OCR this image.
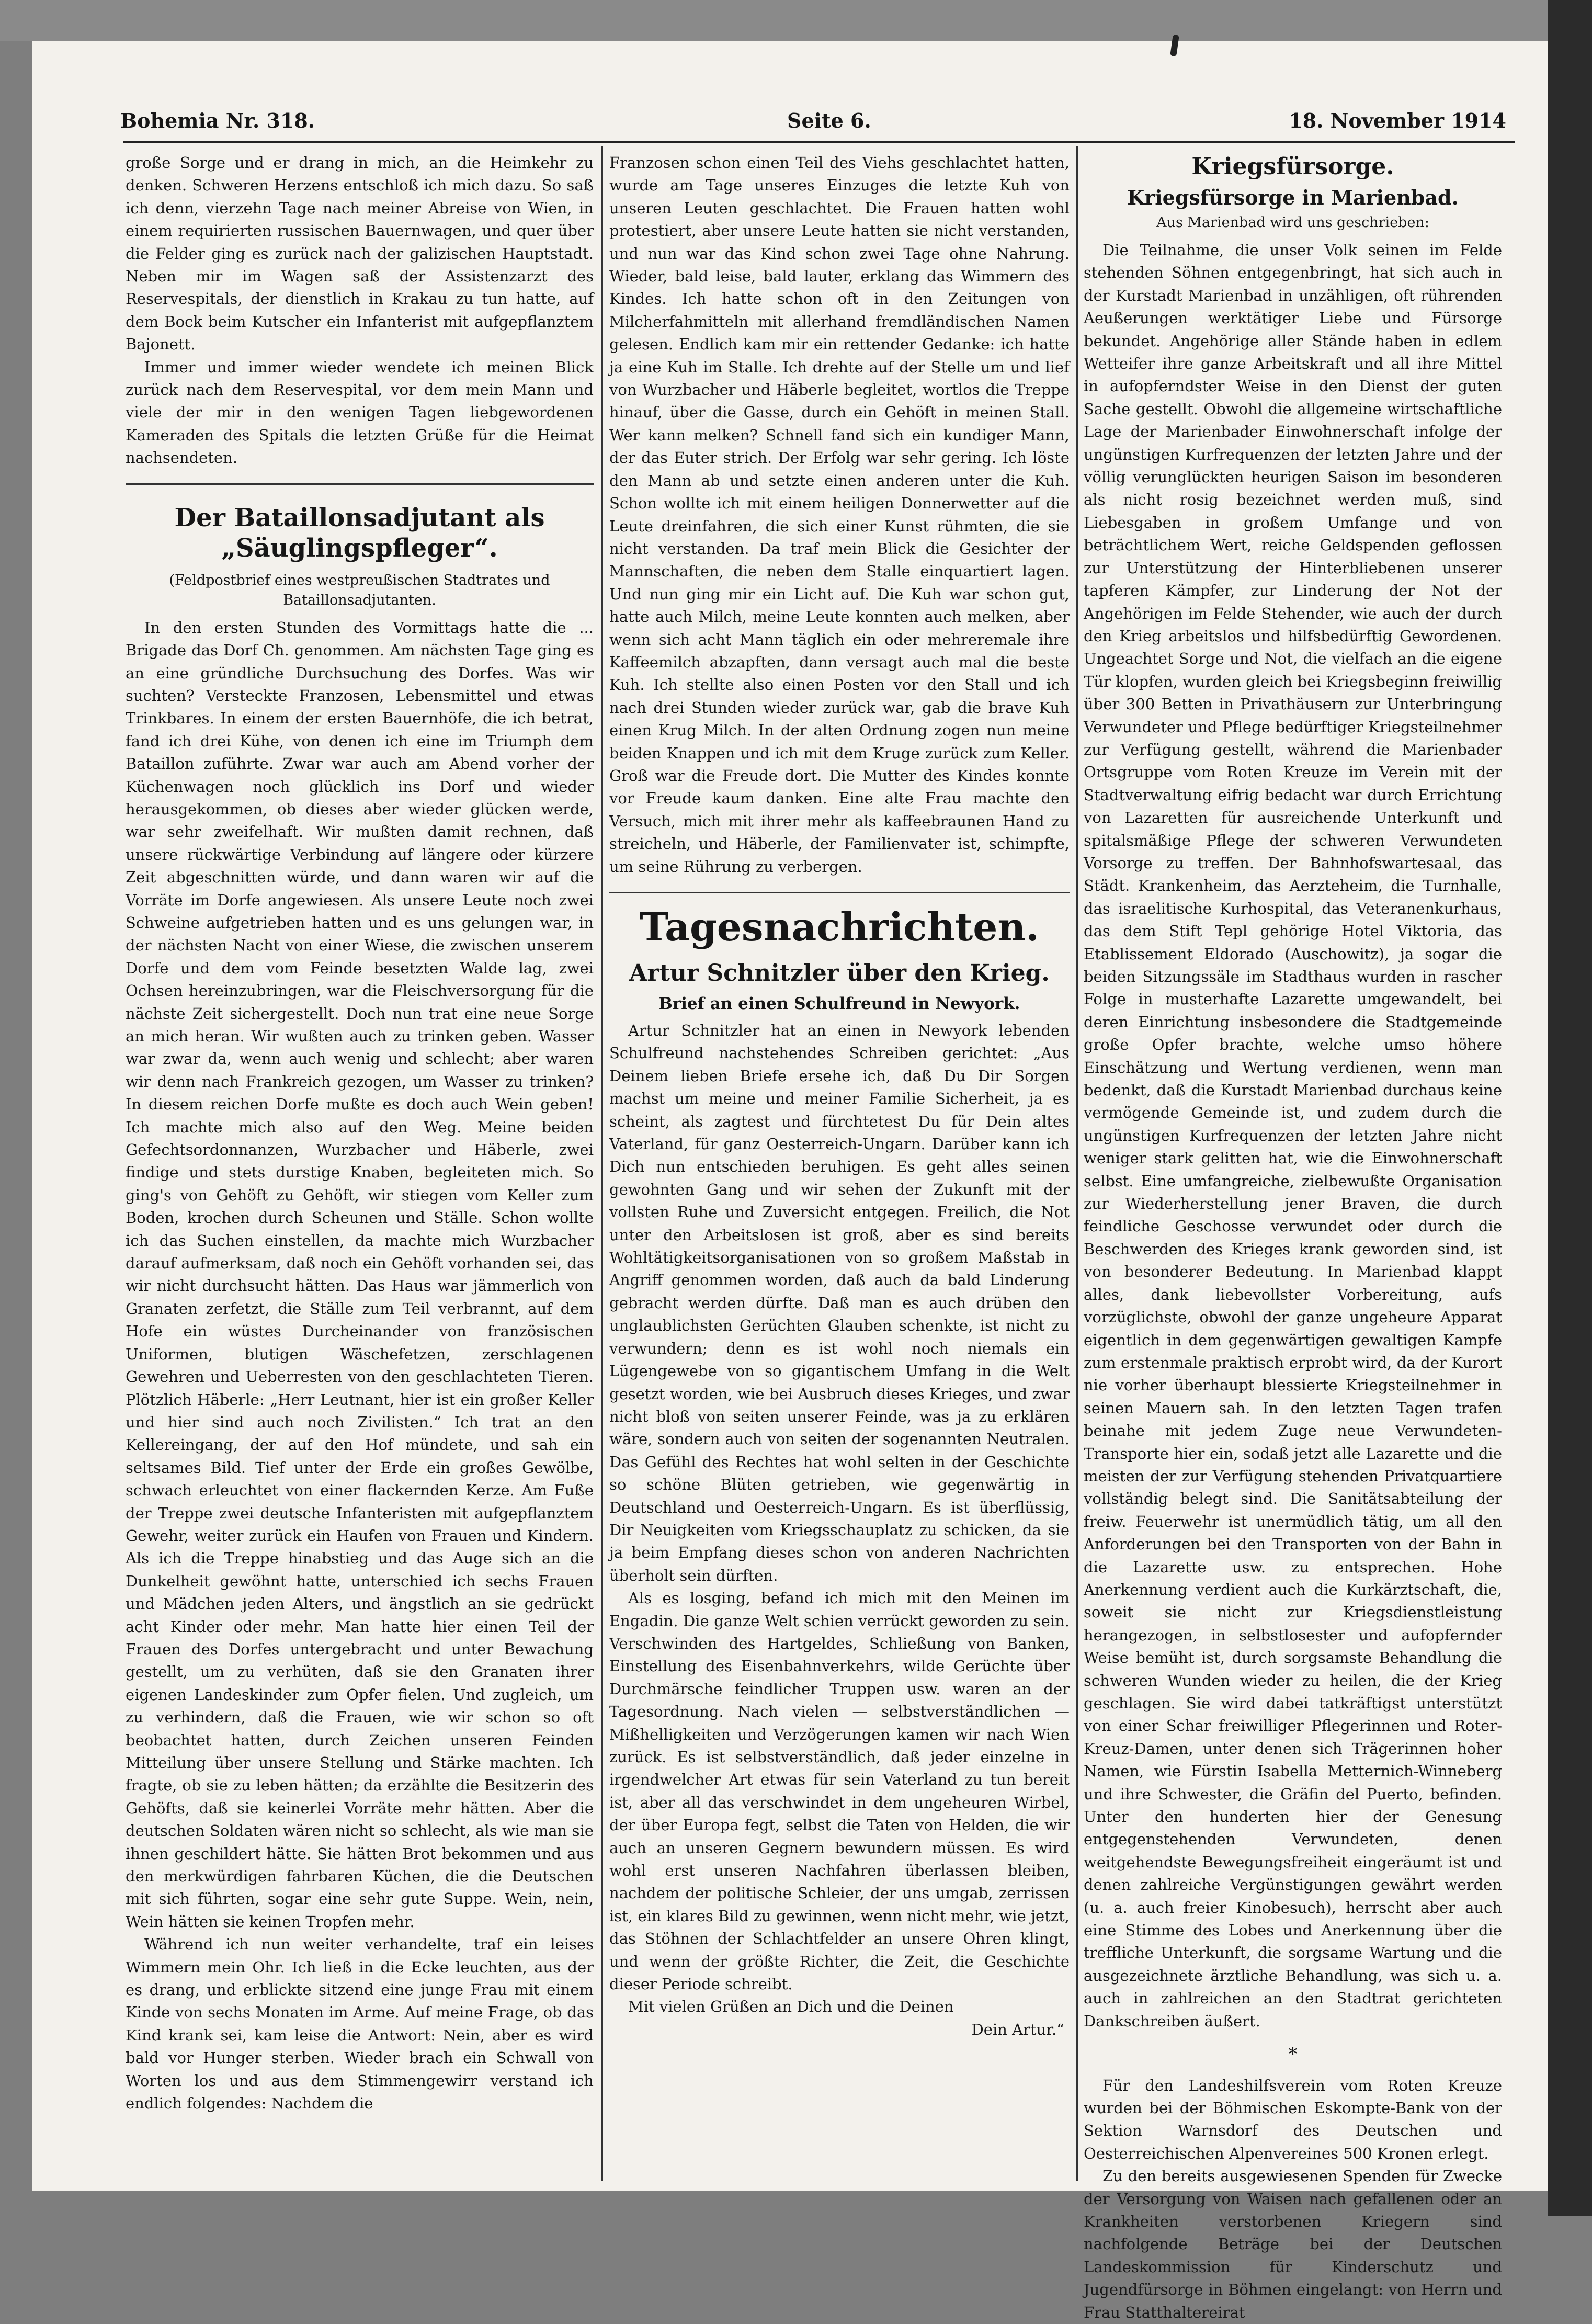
Bohemia Nr. 318.	Seite 6.	18. November 1914

große Sorge und er drang in mich, an die Heimkehr zu denken. Schweren Herzens entschloß ich mich dazu. So saß ich denn, vierzehn Tage nach meiner Abreise von Wien, in einem requirierten russischen Bauernwagen, und quer über die Felder ging es zurück nach der galizischen Hauptstadt. Neben mir im Wagen saß der Assistenzarzt des Reservespitals, der dienstlich in Krakau zu tun hatte, auf dem Bock beim Kutscher ein Infanterist mit aufgepflanztem Bajonett.

Immer und immer wieder wendete ich meinen Blick zurück nach dem Reservespital, vor dem mein Mann und viele der mir in den wenigen Tagen liebgewordenen Kameraden des Spitals die letzten Grüße für die Heimat nachsendeten.

Der Bataillonsadjutant als „Säuglingspfleger“.
(Feldpostbrief eines westpreußischen Stadtrates und Bataillonsadjutanten.

In den ersten Stunden des Vormittags hatte die ... Brigade das Dorf Ch. genommen. Am nächsten Tage ging es an eine gründliche Durchsuchung des Dorfes. Was wir suchten? Versteckte Franzosen, Lebensmittel und etwas Trinkbares. In einem der ersten Bauernhöfe, die ich betrat, fand ich drei Kühe, von denen ich eine im Triumph dem Bataillon zuführte. Zwar war auch am Abend vorher der Küchenwagen noch glücklich ins Dorf und wieder herausgekommen, ob dieses aber wieder glücken werde, war sehr zweifelhaft. Wir mußten damit rechnen, daß unsere rückwärtige Verbindung auf längere oder kürzere Zeit abgeschnitten würde, und dann waren wir auf die Vorräte im Dorfe angewiesen. Als unsere Leute noch zwei Schweine aufgetrieben hatten und es uns gelungen war, in der nächsten Nacht von einer Wiese, die zwischen unserem Dorfe und dem vom Feinde besetzten Walde lag, zwei Ochsen hereinzubringen, war die Fleischversorgung für die nächste Zeit sichergestellt. Doch nun trat eine neue Sorge an mich heran. Wir wußten auch zu trinken geben. Wasser war zwar da, wenn auch wenig und schlecht; aber waren wir denn nach Frankreich gezogen, um Wasser zu trinken? In diesem reichen Dorfe mußte es doch auch Wein geben! Ich machte mich also auf den Weg. Meine beiden Gefechtsordonnanzen, Wurzbacher und Häberle, zwei findige und stets durstige Knaben, begleiteten mich. So ging's von Gehöft zu Gehöft, wir stiegen vom Keller zum Boden, krochen durch Scheunen und Ställe. Schon wollte ich das Suchen einstellen, da machte mich Wurzbacher darauf aufmerksam, daß noch ein Gehöft vorhanden sei, das wir nicht durchsucht hätten. Das Haus war jämmerlich von Granaten zerfetzt, die Ställe zum Teil verbrannt, auf dem Hofe ein wüstes Durcheinander von französischen Uniformen, blutigen Wäschefetzen, zerschlagenen Gewehren und Ueberresten von den geschlachteten Tieren. Plötzlich Häberle: „Herr Leutnant, hier ist ein großer Keller und hier sind auch noch Zivilisten.“ Ich trat an den Kellereingang, der auf den Hof mündete, und sah ein seltsames Bild. Tief unter der Erde ein großes Gewölbe, schwach erleuchtet von einer flackernden Kerze. Am Fuße der Treppe zwei deutsche Infanteristen mit aufgepflanztem Gewehr, weiter zurück ein Haufen von Frauen und Kindern. Als ich die Treppe hinabstieg und das Auge sich an die Dunkelheit gewöhnt hatte, unterschied ich sechs Frauen und Mädchen jeden Alters, und ängstlich an sie gedrückt acht Kinder oder mehr. Man hatte hier einen Teil der Frauen des Dorfes untergebracht und unter Bewachung gestellt, um zu verhüten, daß sie den Granaten ihrer eigenen Landeskinder zum Opfer fielen. Und zugleich, um zu verhindern, daß die Frauen, wie wir schon so oft beobachtet hatten, durch Zeichen unseren Feinden Mitteilung über unsere Stellung und Stärke machten. Ich fragte, ob sie zu leben hätten; da erzählte die Besitzerin des Gehöfts, daß sie keinerlei Vorräte mehr hätten. Aber die deutschen Soldaten wären nicht so schlecht, als wie man sie ihnen geschildert hätte. Sie hätten Brot bekommen und aus den merkwürdigen fahrbaren Küchen, die die Deutschen mit sich führten, sogar eine sehr gute Suppe. Wein, nein, Wein hätten sie keinen Tropfen mehr.

Während ich nun weiter verhandelte, traf ein leises Wimmern mein Ohr. Ich ließ in die Ecke leuchten, aus der es drang, und erblickte sitzend eine junge Frau mit einem Kinde von sechs Monaten im Arme. Auf meine Frage, ob das Kind krank sei, kam leise die Antwort: Nein, aber es wird bald vor Hunger sterben. Wieder brach ein Schwall von Worten los und aus dem Stimmengewirr verstand ich endlich folgendes: Nachdem die

Franzosen schon einen Teil des Viehs geschlachtet hatten, wurde am Tage unseres Einzuges die letzte Kuh von unseren Leuten geschlachtet. Die Frauen hatten wohl protestiert, aber unsere Leute hatten sie nicht verstanden, und nun war das Kind schon zwei Tage ohne Nahrung. Wieder, bald leise, bald lauter, erklang das Wimmern des Kindes. Ich hatte schon oft in den Zeitungen von Milcherfahmitteln mit allerhand fremdländischen Namen gelesen. Endlich kam mir ein rettender Gedanke: ich hatte ja eine Kuh im Stalle. Ich drehte auf der Stelle um und lief von Wurzbacher und Häberle begleitet, wortlos die Treppe hinauf, über die Gasse, durch ein Gehöft in meinen Stall. Wer kann melken? Schnell fand sich ein kundiger Mann, der das Euter strich. Der Erfolg war sehr gering. Ich löste den Mann ab und setzte einen anderen unter die Kuh. Schon wollte ich mit einem heiligen Donnerwetter auf die Leute dreinfahren, die sich einer Kunst rühmten, die sie nicht verstanden. Da traf mein Blick die Gesichter der Mannschaften, die neben dem Stalle einquartiert lagen. Und nun ging mir ein Licht auf. Die Kuh war schon gut, hatte auch Milch, meine Leute konnten auch melken, aber wenn sich acht Mann täglich ein oder mehreremale ihre Kaffeemilch abzapften, dann versagt auch mal die beste Kuh. Ich stellte also einen Posten vor den Stall und ich nach drei Stunden wieder zurück war, gab die brave Kuh einen Krug Milch. In der alten Ordnung zogen nun meine beiden Knappen und ich mit dem Kruge zurück zum Keller. Groß war die Freude dort. Die Mutter des Kindes konnte vor Freude kaum danken. Eine alte Frau machte den Versuch, mich mit ihrer mehr als kaffeebraunen Hand zu streicheln, und Häberle, der Familienvater ist, schimpfte, um seine Rührung zu verbergen.

Tagesnachrichten.
Artur Schnitzler über den Krieg.
Brief an einen Schulfreund in Newyork.

Artur Schnitzler hat an einen in Newyork lebenden Schulfreund nachstehendes Schreiben gerichtet: „Aus Deinem lieben Briefe ersehe ich, daß Du Dir Sorgen machst um meine und meiner Familie Sicherheit, ja es scheint, als zagtest und fürchtetest Du für Dein altes Vaterland, für ganz Oesterreich-Ungarn. Darüber kann ich Dich nun entschieden beruhigen. Es geht alles seinen gewohnten Gang und wir sehen der Zukunft mit der vollsten Ruhe und Zuversicht entgegen. Freilich, die Not unter den Arbeitslosen ist groß, aber es sind bereits Wohltätigkeitsorganisationen von so großem Maßstab in Angriff genommen worden, daß auch da bald Linderung gebracht werden dürfte. Daß man es auch drüben den unglaublichsten Gerüchten Glauben schenkte, ist nicht zu verwundern; denn es ist wohl noch niemals ein Lügengewebe von so gigantischem Umfang in die Welt gesetzt worden, wie bei Ausbruch dieses Krieges, und zwar nicht bloß von seiten unserer Feinde, was ja zu erklären wäre, sondern auch von seiten der sogenannten Neutralen. Das Gefühl des Rechtes hat wohl selten in der Geschichte so schöne Blüten getrieben, wie gegenwärtig in Deutschland und Oesterreich-Ungarn. Es ist überflüssig, Dir Neuigkeiten vom Kriegsschauplatz zu schicken, da sie ja beim Empfang dieses schon von anderen Nachrichten überholt sein dürften.

Als es losging, befand ich mich mit den Meinen im Engadin. Die ganze Welt schien verrückt geworden zu sein. Verschwinden des Hartgeldes, Schließung von Banken, Einstellung des Eisenbahnverkehrs, wilde Gerüchte über Durchmärsche feindlicher Truppen usw. waren an der Tagesordnung. Nach vielen — selbstverständlichen — Mißhelligkeiten und Verzögerungen kamen wir nach Wien zurück. Es ist selbstverständlich, daß jeder einzelne in irgendwelcher Art etwas für sein Vaterland zu tun bereit ist, aber all das verschwindet in dem ungeheuren Wirbel, der über Europa fegt, selbst die Taten von Helden, die wir auch an unseren Gegnern bewundern müssen. Es wird wohl erst unseren Nachfahren überlassen bleiben, nachdem der politische Schleier, der uns umgab, zerrissen ist, ein klares Bild zu gewinnen, wenn nicht mehr, wie jetzt, das Stöhnen der Schlachtfelder an unsere Ohren klingt, und wenn der größte Richter, die Zeit, die Geschichte dieser Periode schreibt.

Mit vielen Grüßen an Dich und die Deinen

Dein Artur.“
Kriegsfürsorge.
Kriegsfürsorge in Marienbad.
Aus Marienbad wird uns geschrieben:

Die Teilnahme, die unser Volk seinen im Felde stehenden Söhnen entgegenbringt, hat sich auch in der Kurstadt Marienbad in unzähligen, oft rührenden Aeußerungen werktätiger Liebe und Fürsorge bekundet. Angehörige aller Stände haben in edlem Wetteifer ihre ganze Arbeitskraft und all ihre Mittel in aufopferndster Weise in den Dienst der guten Sache gestellt. Obwohl die allgemeine wirtschaftliche Lage der Marienbader Einwohnerschaft infolge der ungünstigen Kurfrequenzen der letzten Jahre und der völlig verunglückten heurigen Saison im besonderen als nicht rosig bezeichnet werden muß, sind Liebesgaben in großem Umfange und von beträchtlichem Wert, reiche Geldspenden geflossen zur Unterstützung der Hinterbliebenen unserer tapferen Kämpfer, zur Linderung der Not der Angehörigen im Felde Stehender, wie auch der durch den Krieg arbeitslos und hilfsbedürftig Gewordenen. Ungeachtet Sorge und Not, die vielfach an die eigene Tür klopfen, wurden gleich bei Kriegsbeginn freiwillig über 300 Betten in Privathäusern zur Unterbringung Verwundeter und Pflege bedürftiger Kriegsteilnehmer zur Verfügung gestellt, während die Marienbader Ortsgruppe vom Roten Kreuze im Verein mit der Stadtverwaltung eifrig bedacht war durch Errichtung von Lazaretten für ausreichende Unterkunft und spitalsmäßige Pflege der schweren Verwundeten Vorsorge zu treffen. Der Bahnhofswartesaal, das Städt. Krankenheim, das Aerzteheim, die Turnhalle, das israelitische Kurhospital, das Veteranenkurhaus, das dem Stift Tepl gehörige Hotel Viktoria, das Etablissement Eldorado (Auschowitz), ja sogar die beiden Sitzungssäle im Stadthaus wurden in rascher Folge in musterhafte Lazarette umgewandelt, bei deren Einrichtung insbesondere die Stadtgemeinde große Opfer brachte, welche umso höhere Einschätzung und Wertung verdienen, wenn man bedenkt, daß die Kurstadt Marienbad durchaus keine vermögende Gemeinde ist, und zudem durch die ungünstigen Kurfrequenzen der letzten Jahre nicht weniger stark gelitten hat, wie die Einwohnerschaft selbst. Eine umfangreiche, zielbewußte Organisation zur Wiederherstellung jener Braven, die durch feindliche Geschosse verwundet oder durch die Beschwerden des Krieges krank geworden sind, ist von besonderer Bedeutung. In Marienbad klappt alles, dank liebevollster Vorbereitung, aufs vorzüglichste, obwohl der ganze ungeheure Apparat eigentlich in dem gegenwärtigen gewaltigen Kampfe zum erstenmale praktisch erprobt wird, da der Kurort nie vorher überhaupt blessierte Kriegsteilnehmer in seinen Mauern sah. In den letzten Tagen trafen beinahe mit jedem Zuge neue Verwundeten-Transporte hier ein, sodaß jetzt alle Lazarette und die meisten der zur Verfügung stehenden Privatquartiere vollständig belegt sind. Die Sanitätsabteilung der freiw. Feuerwehr ist unermüdlich tätig, um all den Anforderungen bei den Transporten von der Bahn in die Lazarette usw. zu entsprechen. Hohe Anerkennung verdient auch die Kurkärztschaft, die, soweit sie nicht zur Kriegsdienstleistung herangezogen, in selbstlosester und aufopfernder Weise bemüht ist, durch sorgsamste Behandlung die schweren Wunden wieder zu heilen, die der Krieg geschlagen. Sie wird dabei tatkräftigst unterstützt von einer Schar freiwilliger Pflegerinnen und Roter-Kreuz-Damen, unter denen sich Trägerinnen hoher Namen, wie Fürstin Isabella Metternich-Winneberg und ihre Schwester, die Gräfin del Puerto, befinden. Unter den hunderten hier der Genesung entgegenstehenden Verwundeten, denen weitgehendste Bewegungsfreiheit eingeräumt ist und denen zahlreiche Vergünstigungen gewährt werden (u. a. auch freier Kinobesuch), herrscht aber auch eine Stimme des Lobes und Anerkennung über die treffliche Unterkunft, die sorgsame Wartung und die ausgezeichnete ärztliche Behandlung, was sich u. a. auch in zahlreichen an den Stadtrat gerichteten Dankschreiben äußert.

*

Für den Landeshilfsverein vom Roten Kreuze wurden bei der Böhmischen Eskompte-Bank von der Sektion Warnsdorf des Deutschen und Oesterreichischen Alpenvereines 500 Kronen erlegt.

Zu den bereits ausgewiesenen Spenden für Zwecke der Versorgung von Waisen nach gefallenen oder an Krankheiten verstorbenen Kriegern sind nachfolgende Beträge bei der Deutschen Landeskommission für Kinderschutz und Jugendfürsorge in Böhmen eingelangt: von Herrn und Frau Statthaltereirat
